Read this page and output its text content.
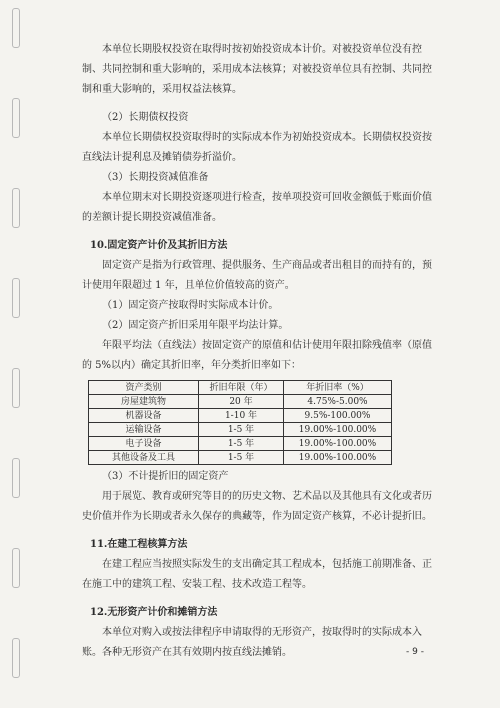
本单位长期股权投资在取得时按初始投资成本计价。对被投资单位没有控制、共同控制和重大影响的，采用成本法核算；对被投资单位具有控制、共同控制和重大影响的，采用权益法核算。

（2）长期债权投资

本单位长期债权投资取得时的实际成本作为初始投资成本。长期债权投资按直线法计提利息及摊销债券折溢价。

（3）长期投资减值准备

本单位期末对长期投资逐项进行检查，按单项投资可回收金额低于账面价值的差额计提长期投资减值准备。

10.固定资产计价及其折旧方法

固定资产是指为行政管理、提供服务、生产商品或者出租目的而持有的，预计使用年限超过 1 年，且单位价值较高的资产。

（1）固定资产按取得时实际成本计价。

（2）固定资产折旧采用年限平均法计算。

年限平均法（直线法）按固定资产的原值和估计使用年限扣除残值率（原值的 5%以内）确定其折旧率，年分类折旧率如下：

资产类别	折旧年限（年）	年折旧率（%）
房屋建筑物	20 年	4.75%-5.00%
机器设备	1-10 年	9.5%-100.00%
运输设备	1-5 年	19.00%-100.00%
电子设备	1-5 年	19.00%-100.00%
其他设备及工具	1-5 年	19.00%-100.00%

（3）不计提折旧的固定资产

用于展览、教育或研究等目的的历史文物、艺术品以及其他具有文化或者历史价值并作为长期或者永久保存的典藏等，作为固定资产核算，不必计提折旧。

11.在建工程核算方法

在建工程应当按照实际发生的支出确定其工程成本，包括施工前期准备、正在施工中的建筑工程、安装工程、技术改造工程等。

12.无形资产计价和摊销方法

本单位对购入或按法律程序申请取得的无形资产，按取得时的实际成本入账。各种无形资产在其有效期内按直线法摊销。	- 9 -
